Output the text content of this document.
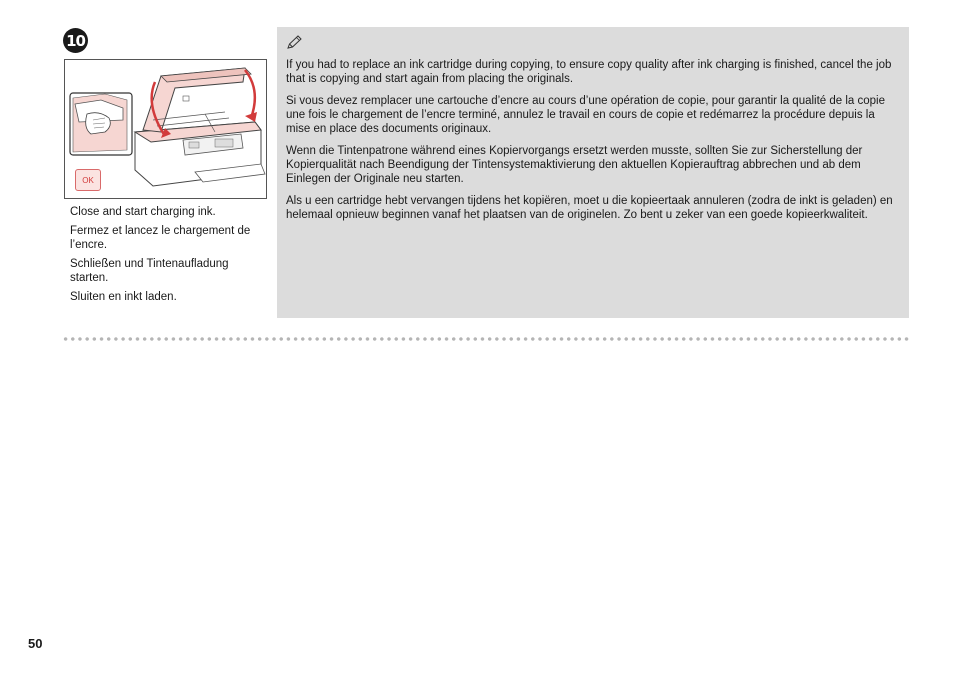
10
OK

Close and start charging ink.

Fermez et lancez le chargement de l’encre.

Schließen und Tintenaufladung starten.

Sluiten en inkt laden.

If you had to replace an ink cartridge during copying, to ensure copy quality after ink charging is finished, cancel the job that is copying and start again from placing the originals.

Si vous devez remplacer une cartouche d’encre au cours d’une opération de copie, pour garantir la qualité de la copie une fois le chargement de l’encre terminé, annulez le travail en cours de copie et redémarrez la procédure depuis la mise en place des documents originaux.

Wenn die Tintenpatrone während eines Kopiervorgangs ersetzt werden musste, sollten Sie zur Sicherstellung der Kopierqualität nach Beendigung der Tintensystemaktivierung den aktuellen Kopierauftrag abbrechen und ab dem Einlegen der Originale neu starten.

Als u een cartridge hebt vervangen tijdens het kopiëren, moet u die kopieertaak annuleren (zodra de inkt is geladen) en helemaal opnieuw beginnen vanaf het plaatsen van de originelen. Zo bent u zeker van een goede kopieerkwaliteit.

50
